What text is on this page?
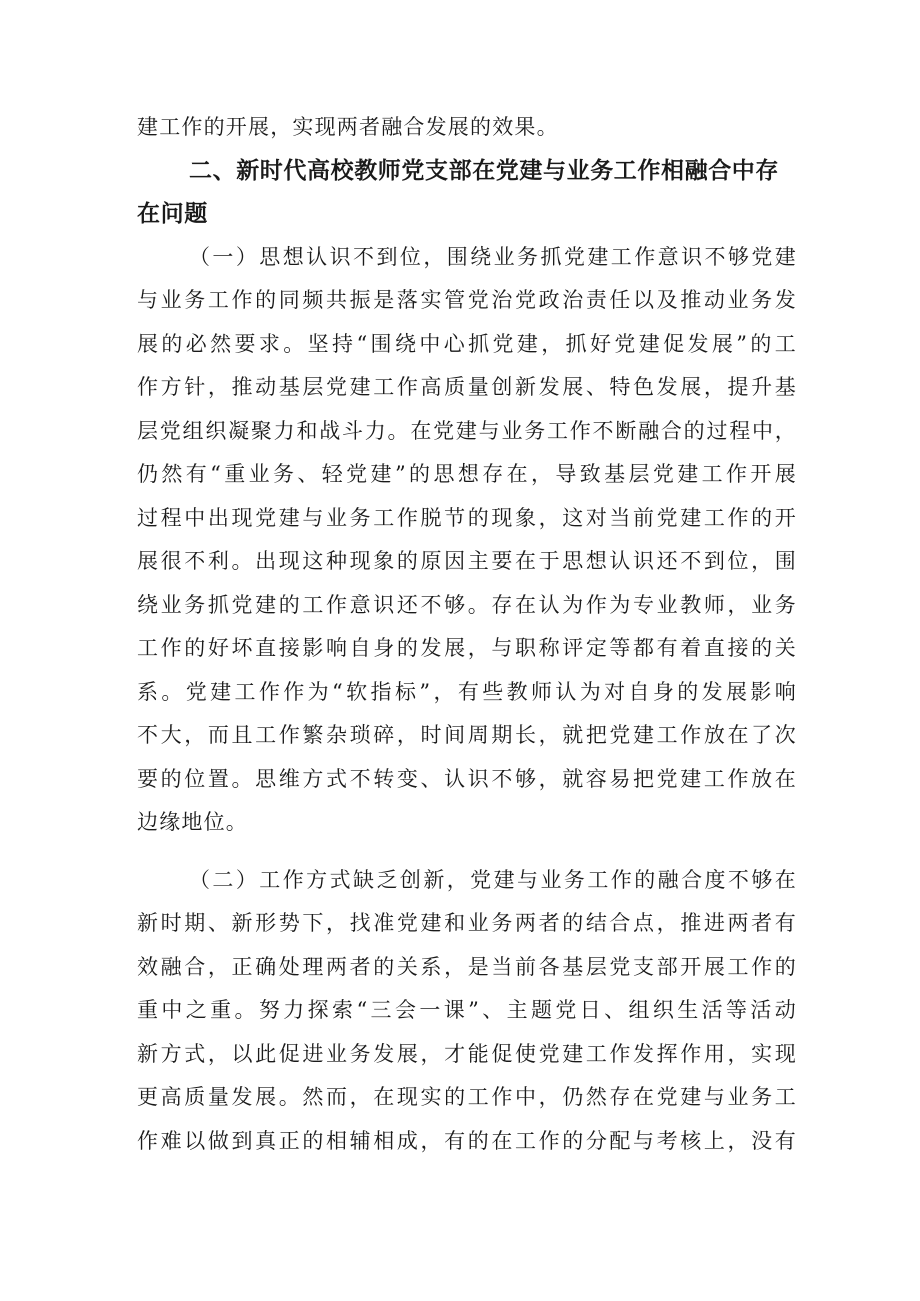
建工作的开展，实现两者融合发展的效果。
二、新时代高校教师党支部在党建与业务工作相融合中存
在问题
（一）思想认识不到位，围绕业务抓党建工作意识不够党建
与业务工作的同频共振是落实管党治党政治责任以及推动业务发
展的必然要求。坚持“围绕中心抓党建，抓好党建促发展”的工
作方针，推动基层党建工作高质量创新发展、特色发展，提升基
层党组织凝聚力和战斗力。在党建与业务工作不断融合的过程中，
仍然有“重业务、轻党建”的思想存在，导致基层党建工作开展
过程中出现党建与业务工作脱节的现象，这对当前党建工作的开
展很不利。出现这种现象的原因主要在于思想认识还不到位，围
绕业务抓党建的工作意识还不够。存在认为作为专业教师，业务
工作的好坏直接影响自身的发展，与职称评定等都有着直接的关
系。党建工作作为“软指标”，有些教师认为对自身的发展影响
不大，而且工作繁杂琐碎，时间周期长，就把党建工作放在了次
要的位置。思维方式不转变、认识不够，就容易把党建工作放在
边缘地位。
（二）工作方式缺乏创新，党建与业务工作的融合度不够在
新时期、新形势下，找准党建和业务两者的结合点，推进两者有
效融合，正确处理两者的关系，是当前各基层党支部开展工作的
重中之重。努力探索“三会一课”、主题党日、组织生活等活动
新方式，以此促进业务发展，才能促使党建工作发挥作用，实现
更高质量发展。然而，在现实的工作中，仍然存在党建与业务工
作难以做到真正的相辅相成，有的在工作的分配与考核上，没有
